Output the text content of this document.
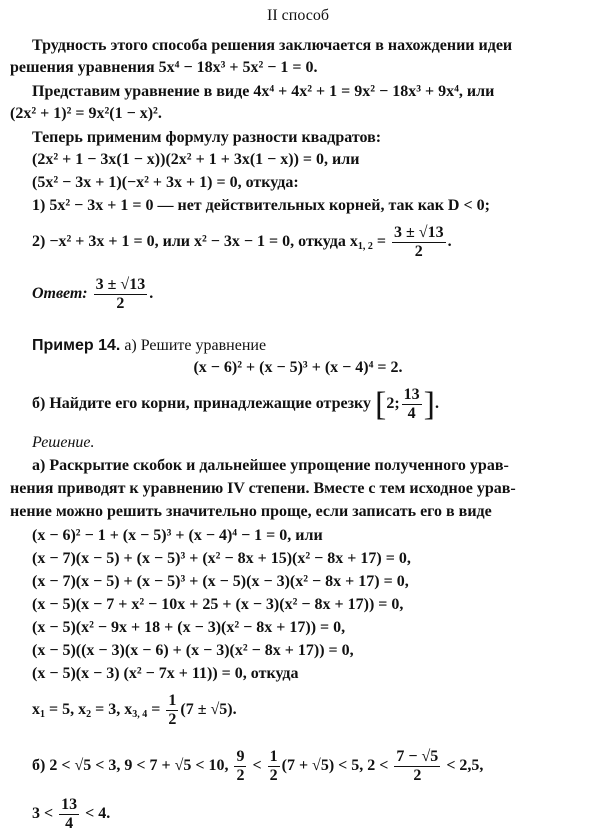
II способ
Трудность этого способа решения заключается в нахождении идеи
решения уравнения 5x⁴ − 18x³ + 5x² − 1 = 0.
Представим уравнение в виде 4x⁴ + 4x² + 1 = 9x² − 18x³ + 9x⁴, или
(2x² + 1)² = 9x²(1 − x)².
Теперь применим формулу разности квадратов:
(2x² + 1 − 3x(1 − x))(2x² + 1 + 3x(1 − x)) = 0, или
(5x² − 3x + 1)(−x² + 3x + 1) = 0, откуда:
1) 5x² − 3x + 1 = 0 — нет действительных корней, так как D < 0;
2) −x² + 3x + 1 = 0, или x² − 3x − 1 = 0, откуда $x_{1, 2} = \frac{3 \pm √13}{2}$ .
Ответ: $\frac{3 \pm √13}{2}$ .
Пример 14. а) Решите уравнение
(x − 6)² + (x − 5)³ + (x − 4)⁴ = 2.
б) Найдите его корни, принадлежащие отрезку [2; $\frac{13}{4}$ ].
Решение.
а) Раскрытие скобок и дальнейшее упрощение полученного урав-
нения приводят к уравнению IV степени. Вместе с тем исходное урав-
нение можно решить значительно проще, если записать его в виде
(x − 6)² − 1 + (x − 5)³ + (x − 4)⁴ − 1 = 0, или
(x − 7)(x − 5) + (x − 5)³ + (x² − 8x + 15)(x² − 8x + 17) = 0,
(x − 7)(x − 5) + (x − 5)³ + (x − 5)(x − 3)(x² − 8x + 17) = 0,
(x − 5)(x − 7 + x² − 10x + 25 + (x − 3)(x² − 8x + 17)) = 0,
(x − 5)(x² − 9x + 18 + (x − 3)(x² − 8x + 17)) = 0,
(x − 5)((x − 3)(x − 6) + (x − 3)(x² − 8x + 17)) = 0,
(x − 5)(x − 3) (x² − 7x + 11)) = 0, откуда
$x_1 = 5$, $x_2 = 3$, $x_{3, 4} = \frac{1}{2} (7 \pm √5)$.
б) 2 < √5 < 3, 9 < 7 + √5 < 10, $\frac{9}{2} < \frac{1}{2} (7 + √5) < 5$, $2 < \frac{7 - √5}{2} < 2,5$,
$3 < \frac{13}{4} < 4$.
